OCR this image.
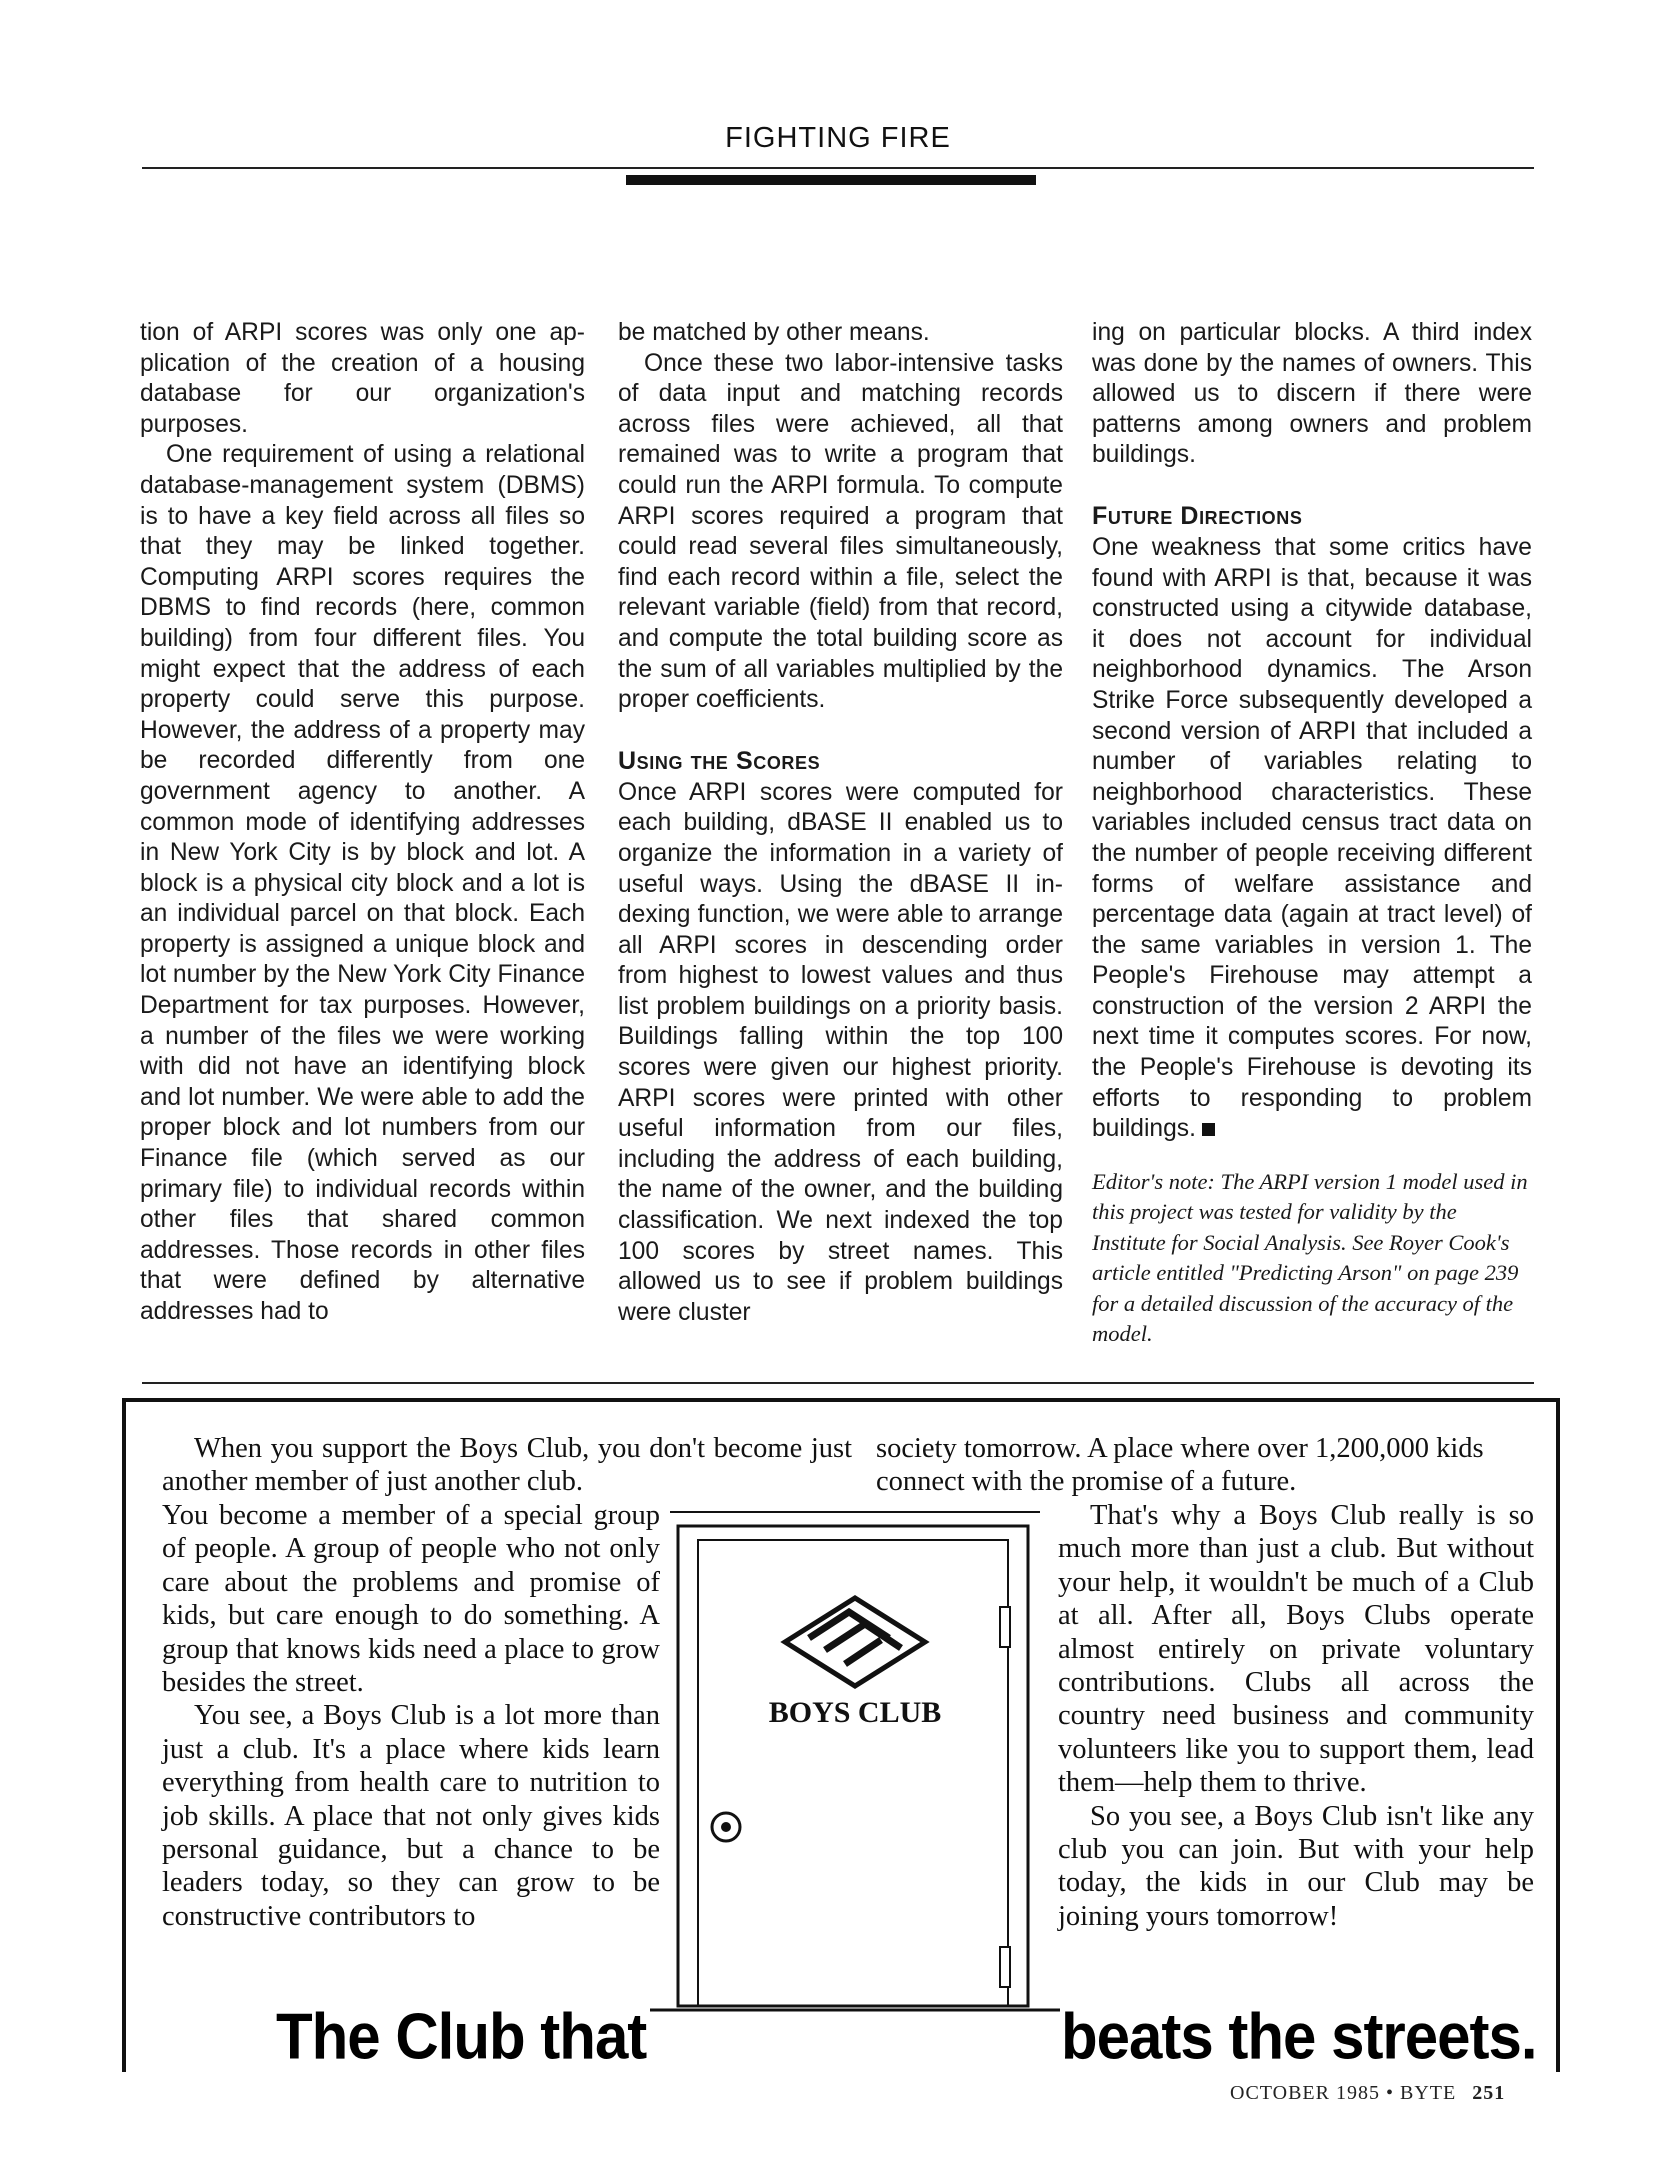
FIGHTING FIRE

tion of ARPI scores was only one application of the creation of a housing database for our organization's purposes.

One requirement of using a relational database-management system (DBMS) is to have a key field across all files so that they may be linked together. Computing ARPI scores requires the DBMS to find records (here, common building) from four different files. You might expect that the address of each property could serve this purpose. However, the address of a property may be recorded differently from one government agency to another. A common mode of identifying addresses in New York City is by block and lot. A block is a physical city block and a lot is an individual parcel on that block. Each property is assigned a unique block and lot number by the New York City Finance Department for tax purposes. However, a number of the files we were working with did not have an identifying block and lot number. We were able to add the proper block and lot numbers from our Finance file (which served as our primary file) to individual records within other files that shared common addresses. Those records in other files that were defined by alternative addresses had to

be matched by other means.

Once these two labor-intensive tasks of data input and matching records across files were achieved, all that remained was to write a program that could run the ARPI formula. To compute ARPI scores required a program that could read several files simultaneously, find each record within a file, select the relevant variable (field) from that record, and compute the total building score as the sum of all variables multiplied by the proper coefficients.

Using the Scores

Once ARPI scores were computed for each building, dBASE II enabled us to organize the information in a variety of useful ways. Using the dBASE II indexing function, we were able to arrange all ARPI scores in descending order from highest to lowest values and thus list problem buildings on a priority basis. Buildings falling within the top 100 scores were given our highest priority. ARPI scores were printed with other useful information from our files, including the address of each building, the name of the owner, and the building classification. We next indexed the top 100 scores by street names. This allowed us to see if problem buildings were cluster

ing on particular blocks. A third index was done by the names of owners. This allowed us to discern if there were patterns among owners and problem buildings.

Future Directions

One weakness that some critics have found with ARPI is that, because it was constructed using a citywide database, it does not account for individual neighborhood dynamics. The Arson Strike Force subsequently developed a second version of ARPI that included a number of variables relating to neighborhood characteristics. These variables included census tract data on the number of people receiving different forms of welfare assistance and percentage data (again at tract level) of the same variables in version 1. The People's Firehouse may attempt a construction of the version 2 ARPI the next time it computes scores. For now, the People's Firehouse is devoting its efforts to responding to problem buildings.

Editor's note: The ARPI version 1 model used in this project was tested for validity by the Institute for Social Analysis. See Royer Cook's article entitled "Predicting Arson" on page 239 for a detailed discussion of the accuracy of the model.

When you support the Boys Club, you don't become just another member of just another club.

society tomorrow. A place where over 1,200,000 kids connect with the promise of a future.

You become a member of a special group of people. A group of people who not only care about the problems and promise of kids, but care enough to do something. A group that knows kids need a place to grow besides the street.

You see, a Boys Club is a lot more than just a club. It's a place where kids learn everything from health care to nutrition to job skills. A place that not only gives kids personal guidance, but a chance to be leaders today, so they can grow to be constructive contributors to

That's why a Boys Club really is so much more than just a club. But without your help, it wouldn't be much of a Club at all. After all, Boys Clubs operate almost entirely on private voluntary contributions. Clubs all across the country need business and community volunteers like you to support them, lead them—help them to thrive.

So you see, a Boys Club isn't like any club you can join. But with your help today, the kids in our Club may be joining yours tomorrow!

BOYS CLUB
The Club that	beats the streets.
OCTOBER 1985 • BYTE 251
